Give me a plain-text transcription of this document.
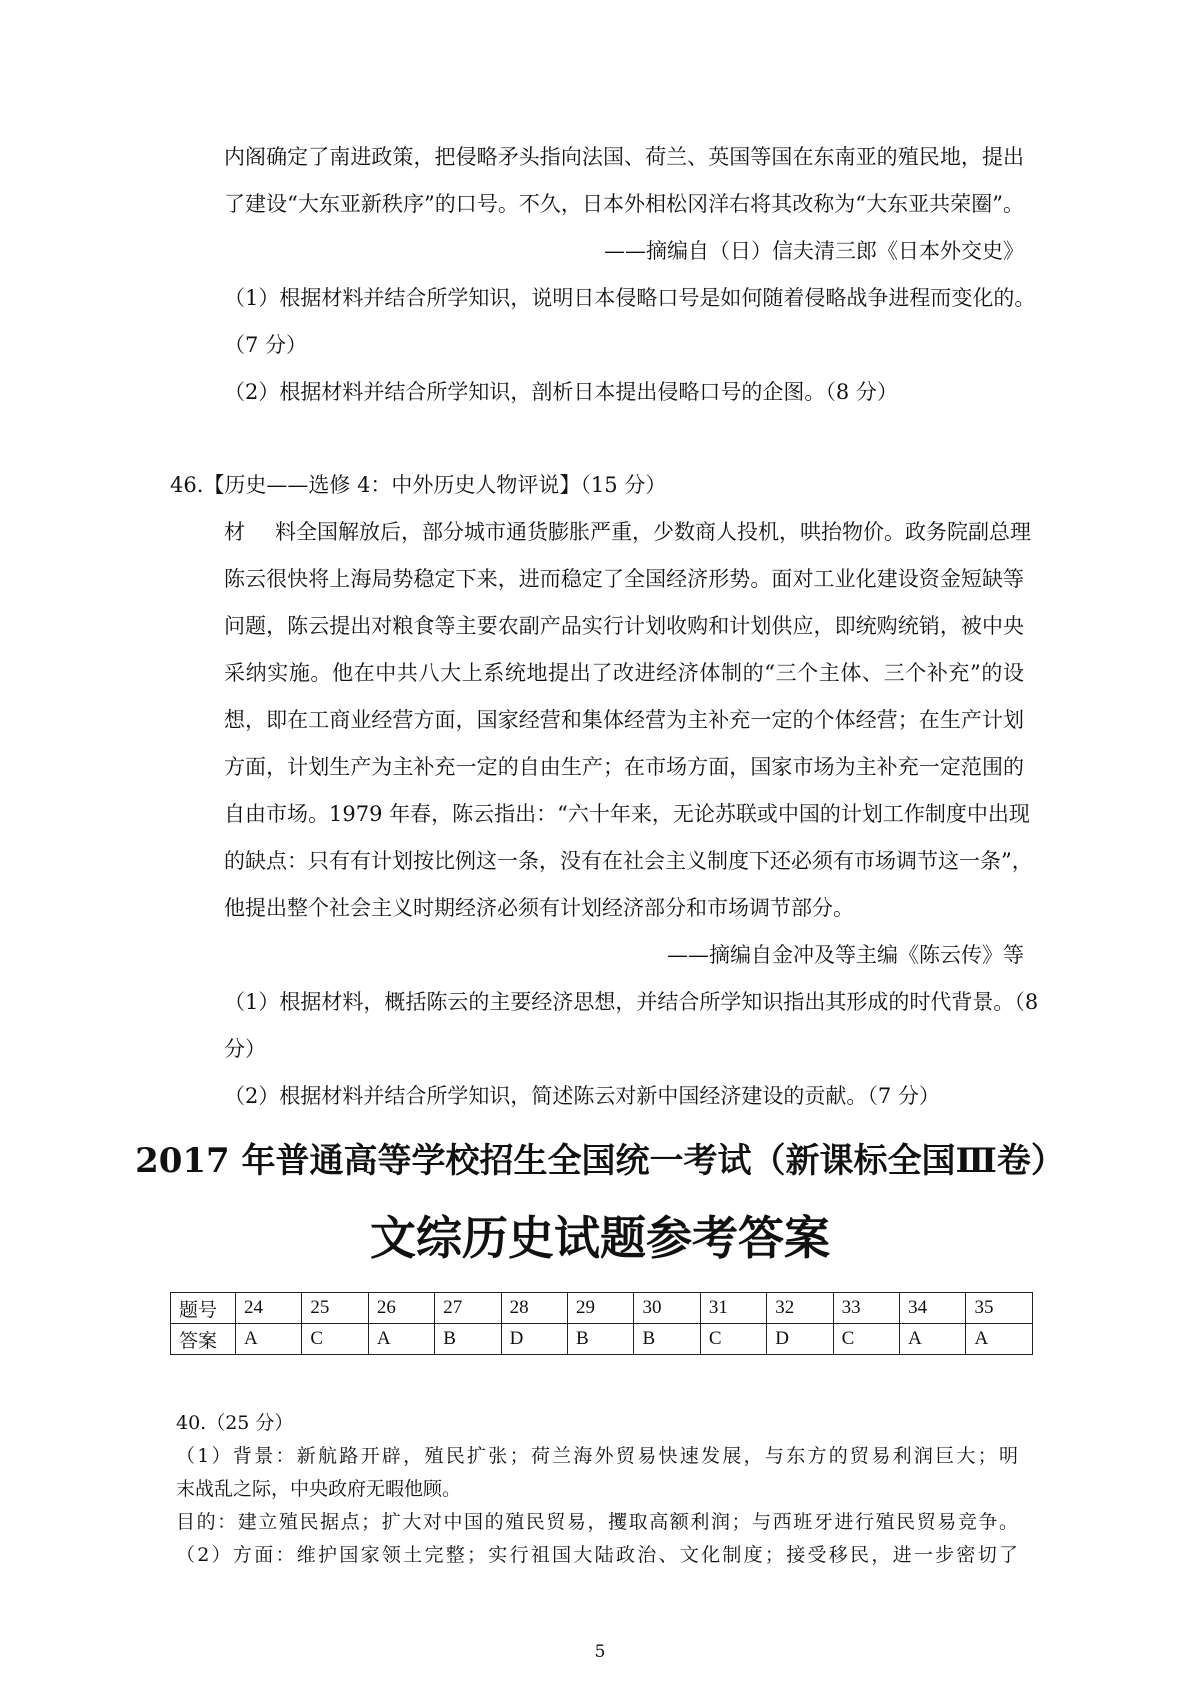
内阁确定了南进政策，把侵略矛头指向法国、荷兰、英国等国在东南亚的殖民地，提出
了建设“大东亚新秩序”的口号。不久，日本外相松冈洋右将其改称为“大东亚共荣圈”。
——摘编自（日）信夫清三郎《日本外交史》
（1）根据材料并结合所学知识，说明日本侵略口号是如何随着侵略战争进程而变化的。
（7 分）
（2）根据材料并结合所学知识，剖析日本提出侵略口号的企图。（8 分）
46.【历史——选修 4：中外历史人物评说】（15 分）
材料全国解放后，部分城市通货膨胀严重，少数商人投机，哄抬物价。政务院副总理
陈云很快将上海局势稳定下来，进而稳定了全国经济形势。面对工业化建设资金短缺等
问题，陈云提出对粮食等主要农副产品实行计划收购和计划供应，即统购统销，被中央
采纳实施。他在中共八大上系统地提出了改进经济体制的“三个主体、三个补充”的设
想，即在工商业经营方面，国家经营和集体经营为主补充一定的个体经营；在生产计划
方面，计划生产为主补充一定的自由生产；在市场方面，国家市场为主补充一定范围的
自由市场。1979 年春，陈云指出：“六十年来，无论苏联或中国的计划工作制度中出现
的缺点：只有有计划按比例这一条，没有在社会主义制度下还必须有市场调节这一条”，
他提出整个社会主义时期经济必须有计划经济部分和市场调节部分。
——摘编自金冲及等主编《陈云传》等
（1）根据材料，概括陈云的主要经济思想，并结合所学知识指出其形成的时代背景。（8
分）
（2）根据材料并结合所学知识，简述陈云对新中国经济建设的贡献。（7 分）
2017 年普通高等学校招生全国统一考试（新课标全国Ⅲ卷）
文综历史试题参考答案
题号	24	25	26	27	28	29	30	31	32	33	34	35
答案	A	C	A	B	D	B	B	C	D	C	A	A
40.（25 分）
（1）背景：新航路开辟，殖民扩张；荷兰海外贸易快速发展，与东方的贸易利润巨大；明
末战乱之际，中央政府无暇他顾。
目的：建立殖民据点；扩大对中国的殖民贸易，攫取高额利润；与西班牙进行殖民贸易竞争。
（2）方面：维护国家领土完整；实行祖国大陆政治、文化制度；接受移民，进一步密切了
5
